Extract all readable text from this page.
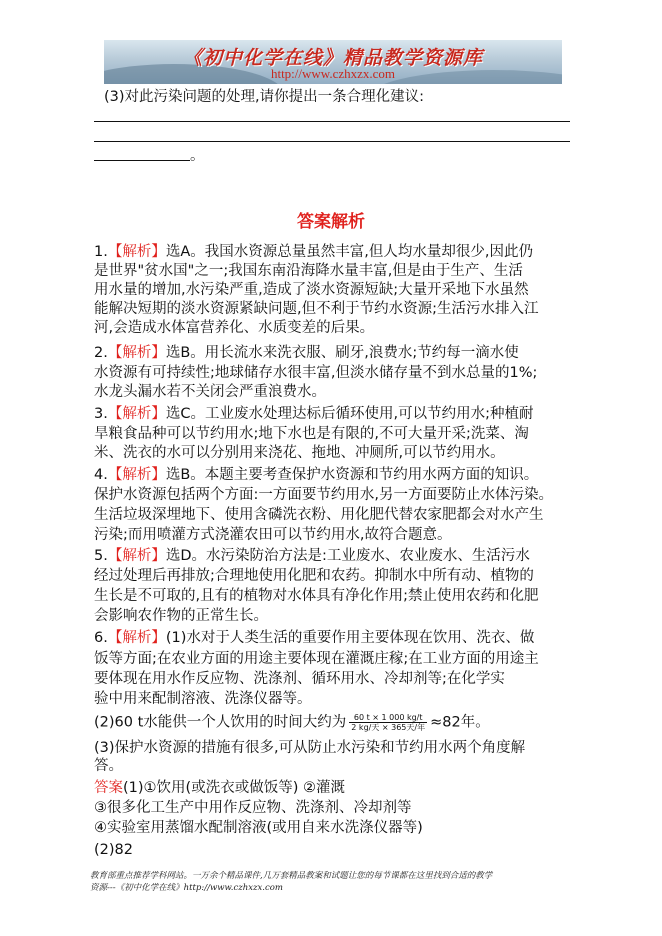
《初中化学在线》精品教学资源库
http://www.czhxzx.com
(3)对此污染问题的处理,请你提出一条合理化建议:
。
答案解析
1.【解析】选A。我国水资源总量虽然丰富,但人均水量却很少,因此仍
是世界"贫水国"之一;我国东南沿海降水量丰富,但是由于生产、生活
用水量的增加,水污染严重,造成了淡水资源短缺;大量开采地下水虽然
能解决短期的淡水资源紧缺问题,但不利于节约水资源;生活污水排入江
河,会造成水体富营养化、水质变差的后果。
2.【解析】选B。用长流水来洗衣服、刷牙,浪费水;节约每一滴水使
水资源有可持续性;地球储存水很丰富,但淡水储存量不到水总量的1%;
水龙头漏水若不关闭会严重浪费水。
3.【解析】选C。工业废水处理达标后循环使用,可以节约用水;种植耐
旱粮食品种可以节约用水;地下水也是有限的,不可大量开采;洗菜、淘
米、洗衣的水可以分别用来浇花、拖地、冲厕所,可以节约用水。
4.【解析】选B。本题主要考查保护水资源和节约用水两方面的知识。
保护水资源包括两个方面:一方面要节约用水,另一方面要防止水体污染。
生活垃圾深埋地下、使用含磷洗衣粉、用化肥代替农家肥都会对水产生
污染;而用喷灌方式浇灌农田可以节约用水,故符合题意。
5.【解析】选D。水污染防治方法是:工业废水、农业废水、生活污水
经过处理后再排放;合理地使用化肥和农药。抑制水中所有动、植物的
生长是不可取的,且有的植物对水体具有净化作用;禁止使用农药和化肥
会影响农作物的正常生长。
6.【解析】(1)水对于人类生活的重要作用主要体现在饮用、洗衣、做
饭等方面;在农业方面的用途主要体现在灌溉庄稼;在工业方面的用途主
要体现在用水作反应物、洗涤剂、循环用水、冷却剂等;在化学实
验中用来配制溶液、洗涤仪器等。
(2)60 t水能供一个人饮用的时间大约为 $\frac{60 t \times 1 000 kg/t}{\text{2 kg/天 × 365天/年}} \approx 82$年。
(3)保护水资源的措施有很多,可从防止水污染和节约用水两个角度解
答。
答案(1)①饮用(或洗衣或做饭等) ②灌溉
③很多化工生产中用作反应物、洗涤剂、冷却剂等
④实验室用蒸馏水配制溶液(或用自来水洗涤仪器等)
(2)82
教育部重点推荐学科网站。一万余个精品课件,几万套精品教案和试题让您的每节课都在这里找到合适的教学
资源---《初中化学在线》http://www.czhxzx.com
